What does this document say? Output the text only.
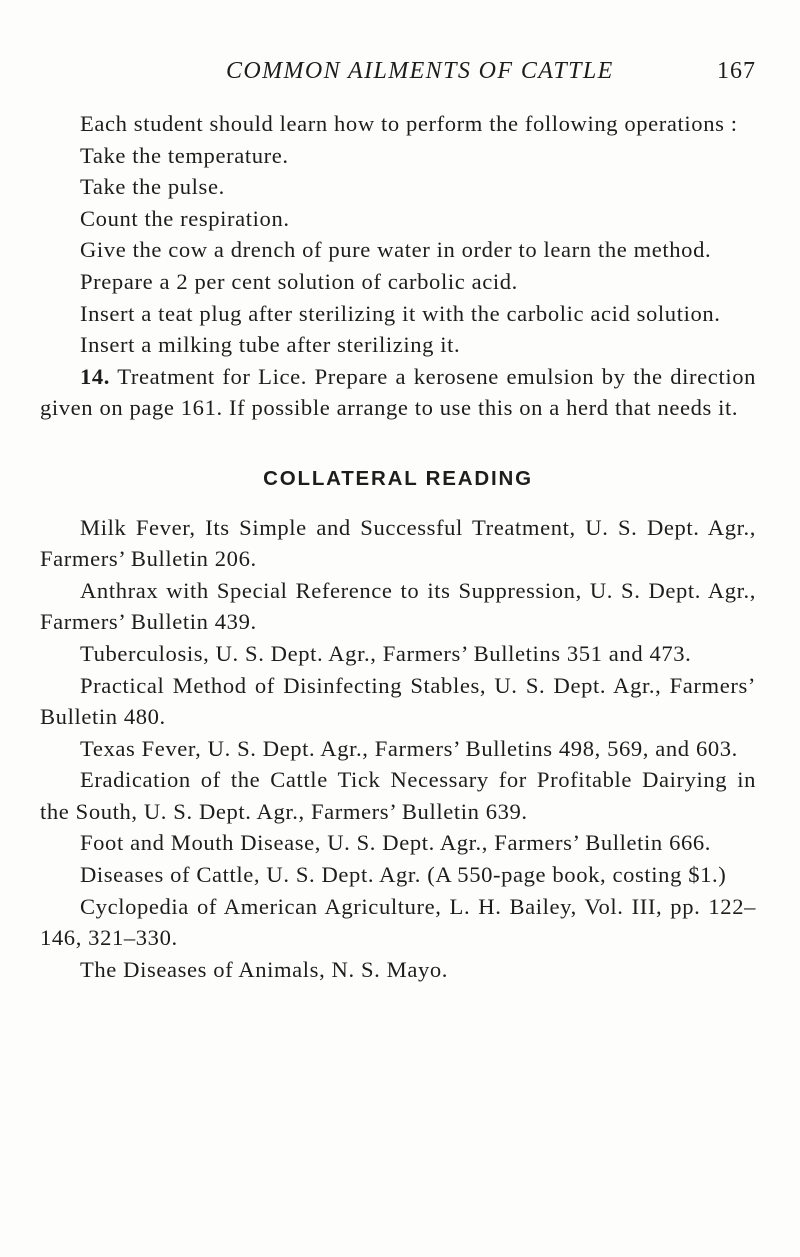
COMMON AILMENTS OF CATTLE	167

Each student should learn how to perform the following operations :

Take the temperature.

Take the pulse.

Count the respiration.

Give the cow a drench of pure water in order to learn the method.

Prepare a 2 per cent solution of carbolic acid.

Insert a teat plug after sterilizing it with the carbolic acid solution.

Insert a milking tube after sterilizing it.

14. Treatment for Lice. Prepare a kerosene emulsion by the direction given on page 161. If possible arrange to use this on a herd that needs it.

COLLATERAL READING

Milk Fever, Its Simple and Successful Treatment, U. S. Dept. Agr., Farmers’ Bulletin 206.

Anthrax with Special Reference to its Suppression, U. S. Dept. Agr., Farmers’ Bulletin 439.

Tuberculosis, U. S. Dept. Agr., Farmers’ Bulletins 351 and 473.

Practical Method of Disinfecting Stables, U. S. Dept. Agr., Farmers’ Bulletin 480.

Texas Fever, U. S. Dept. Agr., Farmers’ Bulletins 498, 569, and 603.

Eradication of the Cattle Tick Necessary for Profitable Dairying in the South, U. S. Dept. Agr., Farmers’ Bulletin 639.

Foot and Mouth Disease, U. S. Dept. Agr., Farmers’ Bulletin 666.

Diseases of Cattle, U. S. Dept. Agr. (A 550-page book, costing $1.)

Cyclopedia of American Agriculture, L. H. Bailey, Vol. III, pp. 122–146, 321–330.

The Diseases of Animals, N. S. Mayo.
